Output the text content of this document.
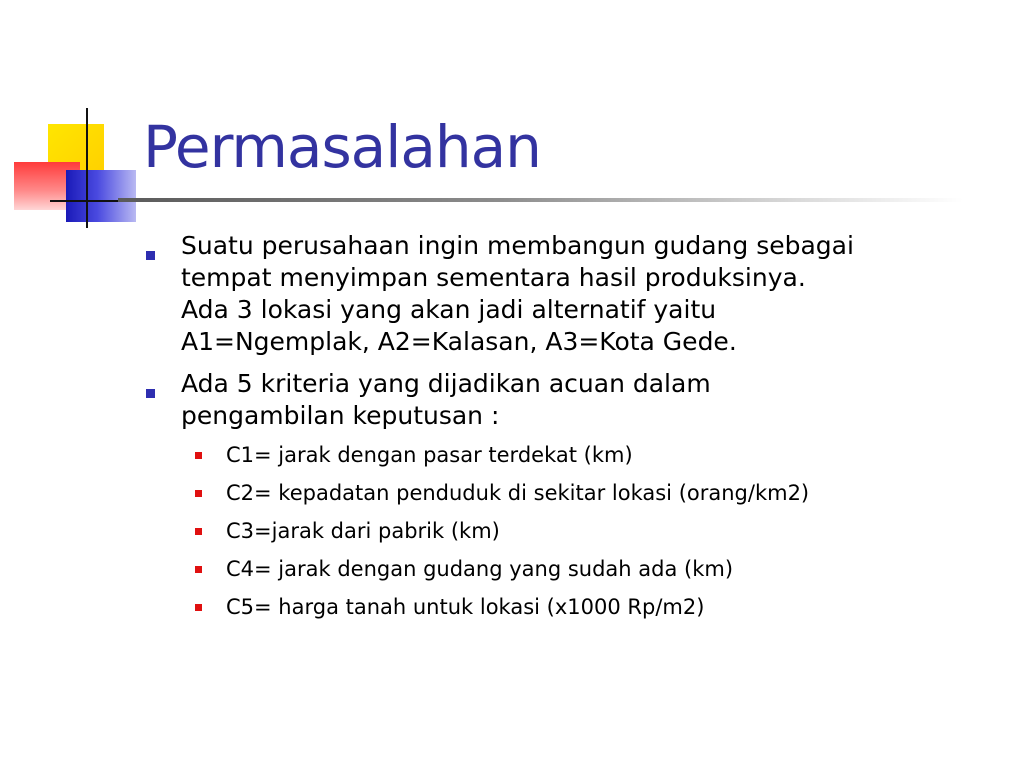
Permasalahan
Suatu perusahaan ingin membangun gudang sebagai
tempat menyimpan sementara hasil produksinya.
Ada 3 lokasi yang akan jadi alternatif yaitu
A1=Ngemplak, A2=Kalasan, A3=Kota Gede.
Ada 5 kriteria yang dijadikan acuan dalam
pengambilan keputusan :
C1= jarak dengan pasar terdekat (km)
C2= kepadatan penduduk di sekitar lokasi (orang/km2)
C3=jarak dari pabrik (km)
C4= jarak dengan gudang yang sudah ada (km)
C5= harga tanah untuk lokasi (x1000 Rp/m2)
